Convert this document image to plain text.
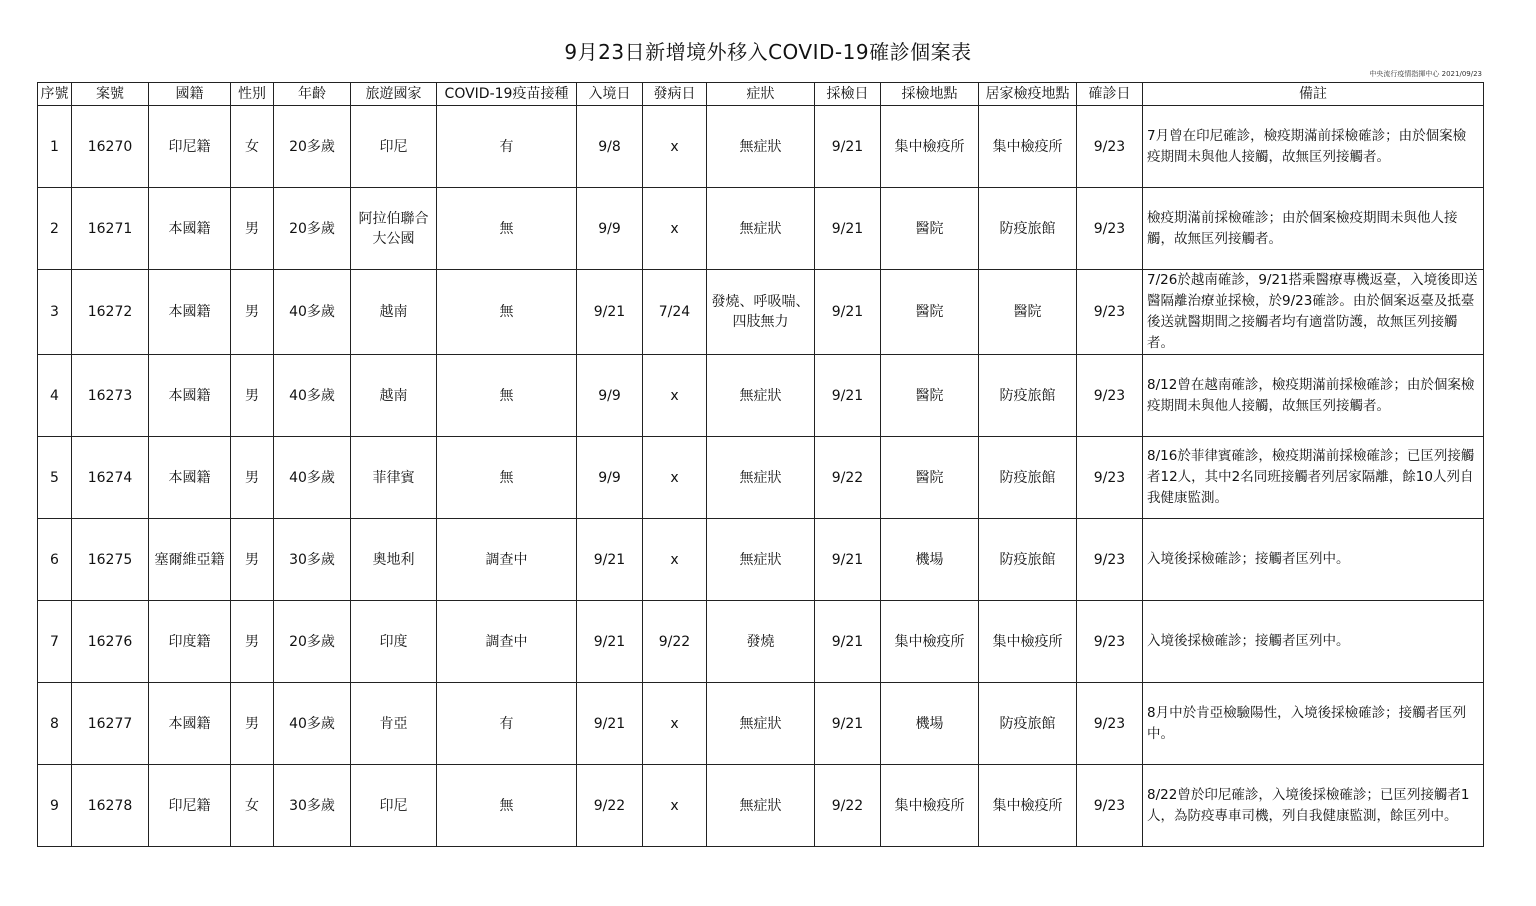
9月23日新增境外移入COVID-19確診個案表
中央流行疫情指揮中心 2021/09/23
序號	案號	國籍	性別	年齡	旅遊國家	COVID-19疫苗接種	入境日	發病日	症狀	採檢日	採檢地點	居家檢疫地點	確診日	備註
1	16270	印尼籍	女	20多歲	印尼	有	9/8	x	無症狀	9/21	集中檢疫所	集中檢疫所	9/23	7月曾在印尼確診，檢疫期滿前採檢確診；由於個案檢疫期間未與他人接觸，故無匡列接觸者。
2	16271	本國籍	男	20多歲	阿拉伯聯合大公國	無	9/9	x	無症狀	9/21	醫院	防疫旅館	9/23	檢疫期滿前採檢確診；由於個案檢疫期間未與他人接觸，故無匡列接觸者。
3	16272	本國籍	男	40多歲	越南	無	9/21	7/24	發燒、呼吸喘、四肢無力	9/21	醫院	醫院	9/23	7/26於越南確診，9/21搭乘醫療專機返臺，入境後即送醫隔離治療並採檢，於9/23確診。由於個案返臺及抵臺後送就醫期間之接觸者均有適當防護，故無匡列接觸者。
4	16273	本國籍	男	40多歲	越南	無	9/9	x	無症狀	9/21	醫院	防疫旅館	9/23	8/12曾在越南確診，檢疫期滿前採檢確診；由於個案檢疫期間未與他人接觸，故無匡列接觸者。
5	16274	本國籍	男	40多歲	菲律賓	無	9/9	x	無症狀	9/22	醫院	防疫旅館	9/23	8/16於菲律賓確診，檢疫期滿前採檢確診；已匡列接觸者12人，其中2名同班接觸者列居家隔離，餘10人列自我健康監測。
6	16275	塞爾維亞籍	男	30多歲	奧地利	調查中	9/21	x	無症狀	9/21	機場	防疫旅館	9/23	入境後採檢確診；接觸者匡列中。
7	16276	印度籍	男	20多歲	印度	調查中	9/21	9/22	發燒	9/21	集中檢疫所	集中檢疫所	9/23	入境後採檢確診；接觸者匡列中。
8	16277	本國籍	男	40多歲	肯亞	有	9/21	x	無症狀	9/21	機場	防疫旅館	9/23	8月中於肯亞檢驗陽性，入境後採檢確診；接觸者匡列中。
9	16278	印尼籍	女	30多歲	印尼	無	9/22	x	無症狀	9/22	集中檢疫所	集中檢疫所	9/23	8/22曾於印尼確診，入境後採檢確診；已匡列接觸者1人，為防疫專車司機，列自我健康監測，餘匡列中。
